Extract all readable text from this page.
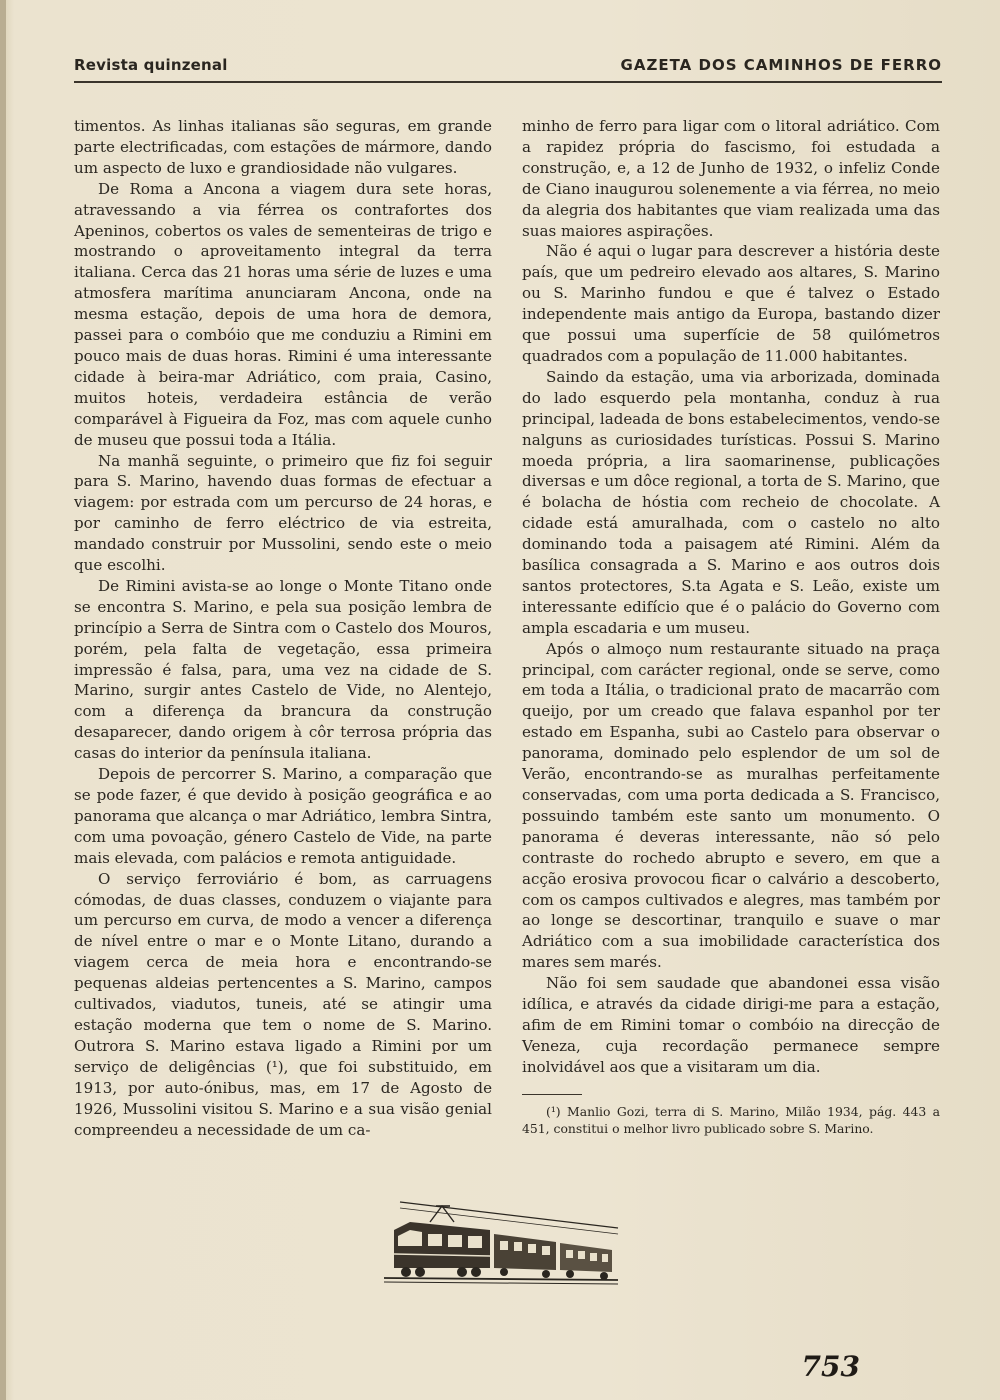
Revista quinzenal	GAZETA DOS CAMINHOS DE FERRO

timentos. As linhas italianas são seguras, em grande parte electrificadas, com estações de mármore, dando um aspecto de luxo e grandiosidade não vulgares.

De Roma a Ancona a viagem dura sete horas, atravessando a via férrea os contrafortes dos Apeninos, cobertos os vales de sementeiras de trigo e mostrando o aproveitamento integral da terra italiana. Cerca das 21 horas uma série de luzes e uma atmosfera marítima anunciaram Ancona, onde na mesma estação, depois de uma hora de demora, passei para o combóio que me conduziu a Rimini em pouco mais de duas horas. Rimini é uma interessante cidade à beira-mar Adriático, com praia, Casino, muitos hoteis, verdadeira estância de verão comparável à Figueira da Foz, mas com aquele cunho de museu que possui toda a Itália.

Na manhã seguinte, o primeiro que fiz foi seguir para S. Marino, havendo duas formas de efectuar a viagem: por estrada com um percurso de 24 horas, e por caminho de ferro eléctrico de via estreita, mandado construir por Mussolini, sendo este o meio que escolhi.

De Rimini avista-se ao longe o Monte Titano onde se encontra S. Marino, e pela sua posição lembra de princípio a Serra de Sintra com o Castelo dos Mouros, porém, pela falta de vegetação, essa primeira impressão é falsa, para, uma vez na cidade de S. Marino, surgir antes Castelo de Vide, no Alentejo, com a diferença da brancura da construção desaparecer, dando origem à côr terrosa própria das casas do interior da península italiana.

Depois de percorrer S. Marino, a comparação que se pode fazer, é que devido à posição geográfica e ao panorama que alcança o mar Adriático, lembra Sintra, com uma povoação, género Castelo de Vide, na parte mais elevada, com palácios e remota antiguidade.

O serviço ferroviário é bom, as carruagens cómodas, de duas classes, conduzem o viajante para um percurso em curva, de modo a vencer a diferença de nível entre o mar e o Monte Litano, durando a viagem cerca de meia hora e encontrando-se pequenas aldeias pertencentes a S. Marino, campos cultivados, viadutos, tuneis, até se atingir uma estação moderna que tem o nome de S. Marino. Outrora S. Marino estava ligado a Rimini por um serviço de deligências (¹), que foi substituido, em 1913, por auto-ónibus, mas, em 17 de Agosto de 1926, Mussolini visitou S. Marino e a sua visão genial compreendeu a necessidade de um ca-

minho de ferro para ligar com o litoral adriático. Com a rapidez própria do fascismo, foi estudada a construção, e, a 12 de Junho de 1932, o infeliz Conde de Ciano inaugurou solenemente a via férrea, no meio da alegria dos habitantes que viam realizada uma das suas maiores aspirações.

Não é aqui o lugar para descrever a história deste país, que um pedreiro elevado aos altares, S. Marino ou S. Marinho fundou e que é talvez o Estado independente mais antigo da Europa, bastando dizer que possui uma superfície de 58 quilómetros quadrados com a população de 11.000 habitantes.

Saindo da estação, uma via arborizada, dominada do lado esquerdo pela montanha, conduz à rua principal, ladeada de bons estabelecimentos, vendo-se nalguns as curiosidades turísticas. Possui S. Marino moeda própria, a lira saomarinense, publicações diversas e um dôce regional, a torta de S. Marino, que é bolacha de hóstia com recheio de chocolate. A cidade está amuralhada, com o castelo no alto dominando toda a paisagem até Rimini. Além da basílica consagrada a S. Marino e aos outros dois santos protectores, S.ta Agata e S. Leão, existe um interessante edifício que é o palácio do Governo com ampla escadaria e um museu.

Após o almoço num restaurante situado na praça principal, com carácter regional, onde se serve, como em toda a Itália, o tradicional prato de macarrão com queijo, por um creado que falava espanhol por ter estado em Espanha, subi ao Castelo para observar o panorama, dominado pelo esplendor de um sol de Verão, encontrando-se as muralhas perfeitamente conservadas, com uma porta dedicada a S. Francisco, possuindo também este santo um monumento. O panorama é deveras interessante, não só pelo contraste do rochedo abrupto e severo, em que a acção erosiva provocou ficar o calvário a descoberto, com os campos cultivados e alegres, mas também por ao longe se descortinar, tranquilo e suave o mar Adriático com a sua imobilidade característica dos mares sem marés.

Não foi sem saudade que abandonei essa visão idílica, e através da cidade dirigi-me para a estação, afim de em Rimini tomar o combóio na direcção de Veneza, cuja recordação permanece sempre inolvidável aos que a visitaram um dia.

(¹) Manlio Gozi, terra di S. Marino, Milão 1934, pág. 443 a 451, constitui o melhor livro publicado sobre S. Marino.

753
